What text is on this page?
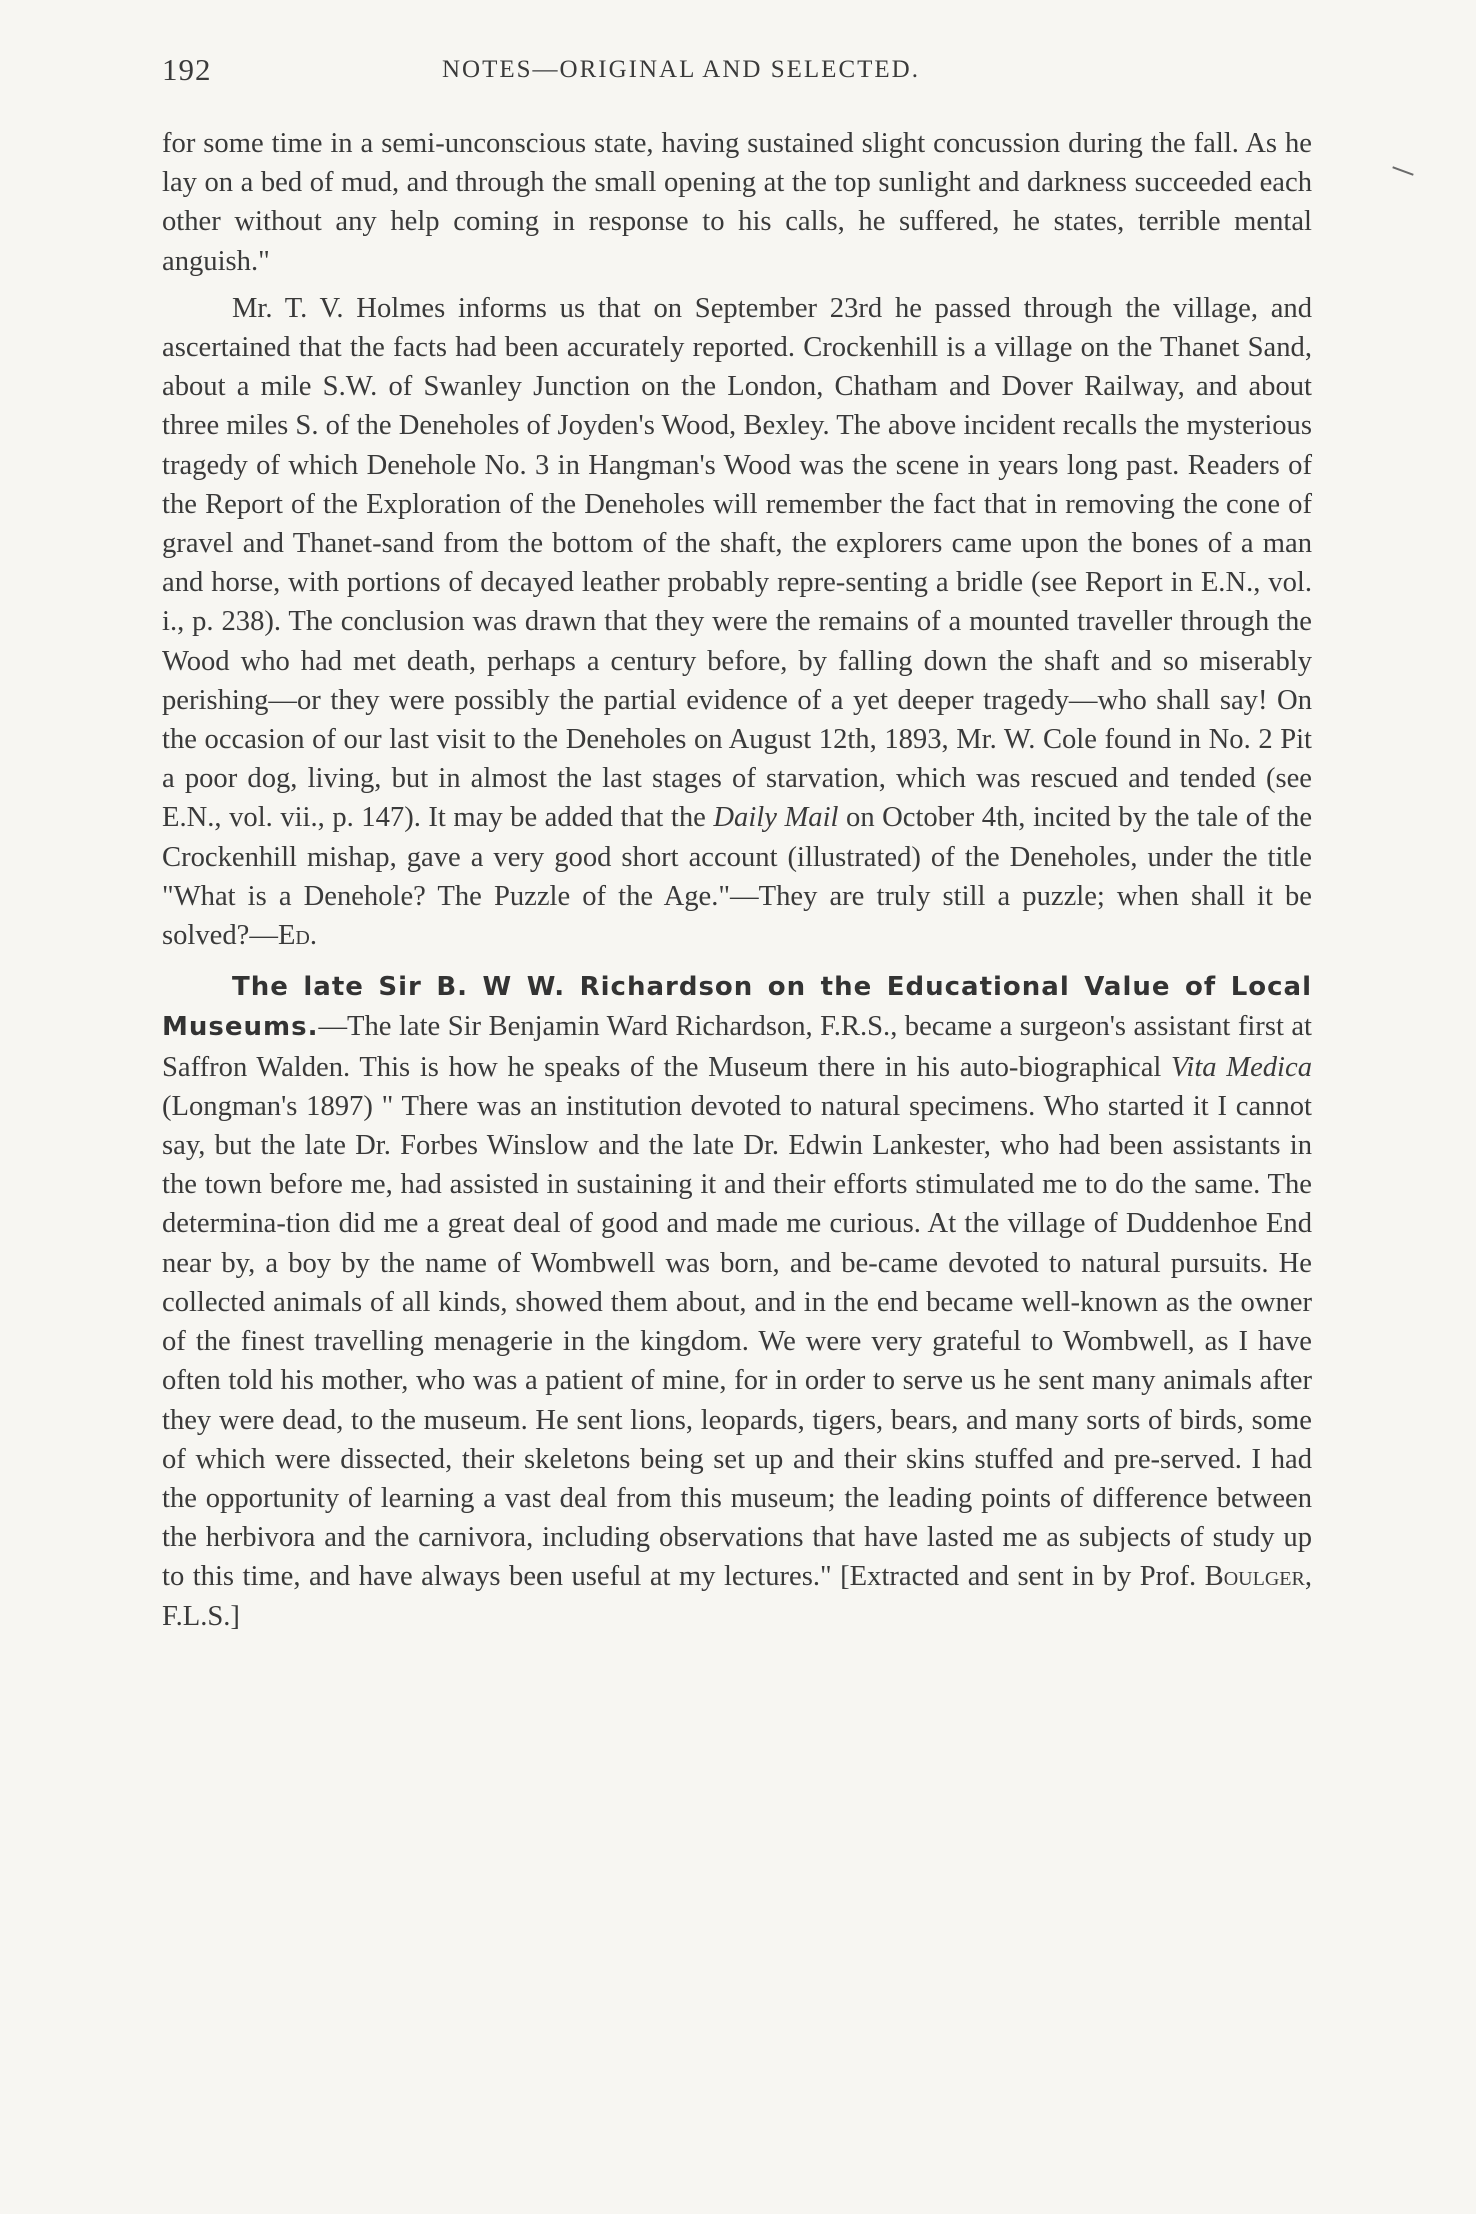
192	NOTES—ORIGINAL AND SELECTED.

for some time in a semi-unconscious state, having sustained slight concussion during the fall. As he lay on a bed of mud, and through the small opening at the top sunlight and darkness succeeded each other without any help coming in response to his calls, he suffered, he states, terrible mental anguish."

Mr. T. V. Holmes informs us that on September 23rd he passed through the village, and ascertained that the facts had been accurately reported. Crockenhill is a village on the Thanet Sand, about a mile S.W. of Swanley Junction on the London, Chatham and Dover Railway, and about three miles S. of the Deneholes of Joyden's Wood, Bexley. The above incident recalls the mysterious tragedy of which Denehole No. 3 in Hangman's Wood was the scene in years long past. Readers of the Report of the Exploration of the Deneholes will remember the fact that in removing the cone of gravel and Thanet-sand from the bottom of the shaft, the explorers came upon the bones of a man and horse, with portions of decayed leather probably repre-senting a bridle (see Report in E.N., vol. i., p. 238). The conclusion was drawn that they were the remains of a mounted traveller through the Wood who had met death, perhaps a century before, by falling down the shaft and so miserably perishing—or they were possibly the partial evidence of a yet deeper tragedy—who shall say! On the occasion of our last visit to the Deneholes on August 12th, 1893, Mr. W. Cole found in No. 2 Pit a poor dog, living, but in almost the last stages of starvation, which was rescued and tended (see E.N., vol. vii., p. 147). It may be added that the Daily Mail on October 4th, incited by the tale of the Crockenhill mishap, gave a very good short account (illustrated) of the Deneholes, under the title "What is a Denehole? The Puzzle of the Age."—They are truly still a puzzle; when shall it be solved?—Ed.

The late Sir B. W W. Richardson on the Educational Value of Local Museums.—The late Sir Benjamin Ward Richardson, F.R.S., became a surgeon's assistant first at Saffron Walden. This is how he speaks of the Museum there in his auto-biographical Vita Medica (Longman's 1897) " There was an institution devoted to natural specimens. Who started it I cannot say, but the late Dr. Forbes Winslow and the late Dr. Edwin Lankester, who had been assistants in the town before me, had assisted in sustaining it and their efforts stimulated me to do the same. The determina-tion did me a great deal of good and made me curious. At the village of Duddenhoe End near by, a boy by the name of Wombwell was born, and be-came devoted to natural pursuits. He collected animals of all kinds, showed them about, and in the end became well-known as the owner of the finest travelling menagerie in the kingdom. We were very grateful to Wombwell, as I have often told his mother, who was a patient of mine, for in order to serve us he sent many animals after they were dead, to the museum. He sent lions, leopards, tigers, bears, and many sorts of birds, some of which were dissected, their skeletons being set up and their skins stuffed and pre-served. I had the opportunity of learning a vast deal from this museum; the leading points of difference between the herbivora and the carnivora, including observations that have lasted me as subjects of study up to this time, and have always been useful at my lectures." [Extracted and sent in by Prof. Boulger, F.L.S.]
